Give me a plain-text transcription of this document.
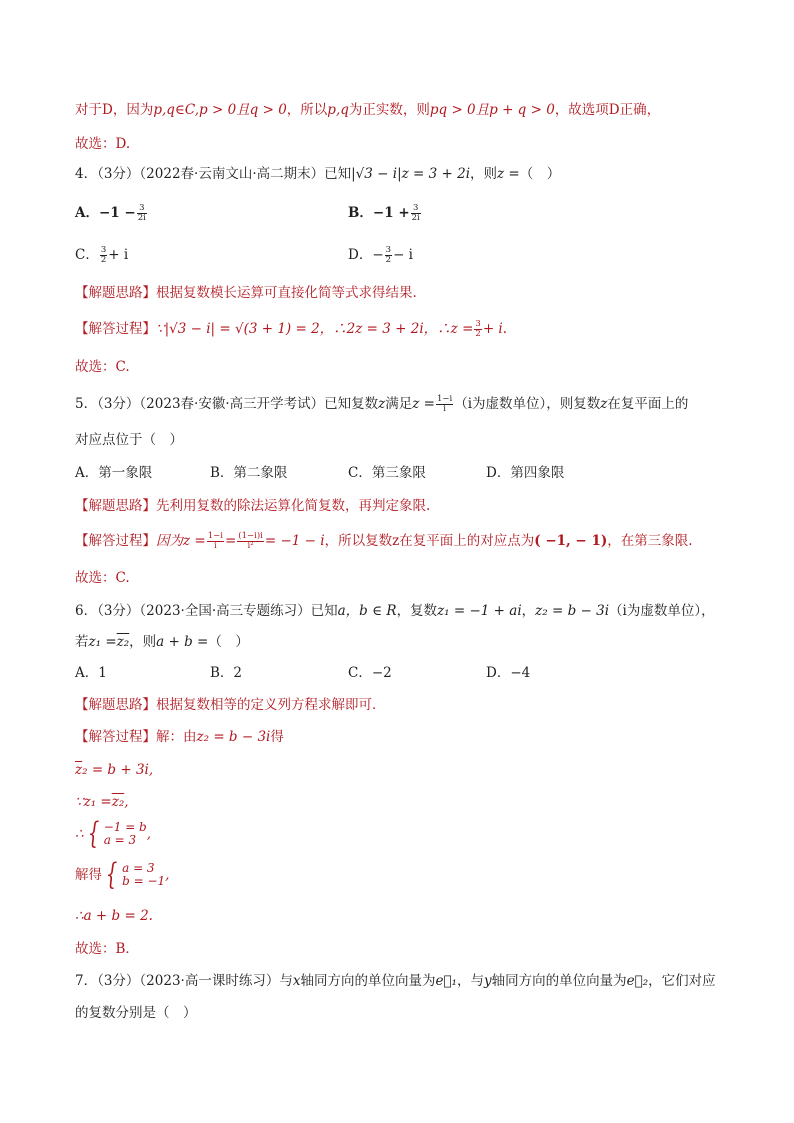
对于D，因为p,q∈C,p > 0且q > 0，所以p,q为正实数，则pq > 0且p + q > 0，故选项D正确，
故选：D.
4．（3分）（2022春·云南文山·高二期末）已知|√3 − i|z = 3 + 2i，则z =（　）
A．$-1 - \frac{3}{2i}$	B．$-1 + \frac{3}{2i}$
C． $\frac{3}{2} + i$	D．− $\frac{3}{2} - i$
【解题思路】根据复数模长运算可直接化简等式求得结果.
【解答过程】∵|√3 − i| = √(3 + 1) = 2，∴2z = 3 + 2i，∴z = $\frac{3}{2} + i$.
故选：C.
5．（3分）（2023春·安徽·高三开学考试）已知复数z满足$z = \frac{1-i}{i} (i$为虚数单位），则复数z在复平面上的
对应点位于（　）
A．第一象限	B．第二象限	C．第三象限	D．第四象限
【解题思路】先利用复数的除法运算化简复数，再判定象限.
【解答过程】因为$z = \frac{1-i}{i} = \frac{(1-i)i}{\text{i²}} = -1 - i$，所以复数z在复平面上的对应点为( −1, − 1)，在第三象限.
故选：C.
6．（3分）（2023·全国·高三专题练习）已知a，b ∈ R，复数z₁ = −1 + ai，z₂ = b − 3i（i为虚数单位），
若z₁ =z₂，则a + b =（　）
A．1	B．2	C．−2	D．−4
【解题思路】根据复数相等的定义列方程求解即可．
【解答过程】解：由z₂ = b − 3i得
$\overline{z}_2 = b + 3i$,
∵z₁ =z₂,
∴ { −1 = b
a = 3 ,
解得 { a = 3
b = −1 ,
∴a + b = 2.
故选：B．
7．（3分）（2023·高一课时练习）与x轴同方向的单位向量为e⃗₁，与y轴同方向的单位向量为e⃗₂，它们对应
的复数分别是（　）
